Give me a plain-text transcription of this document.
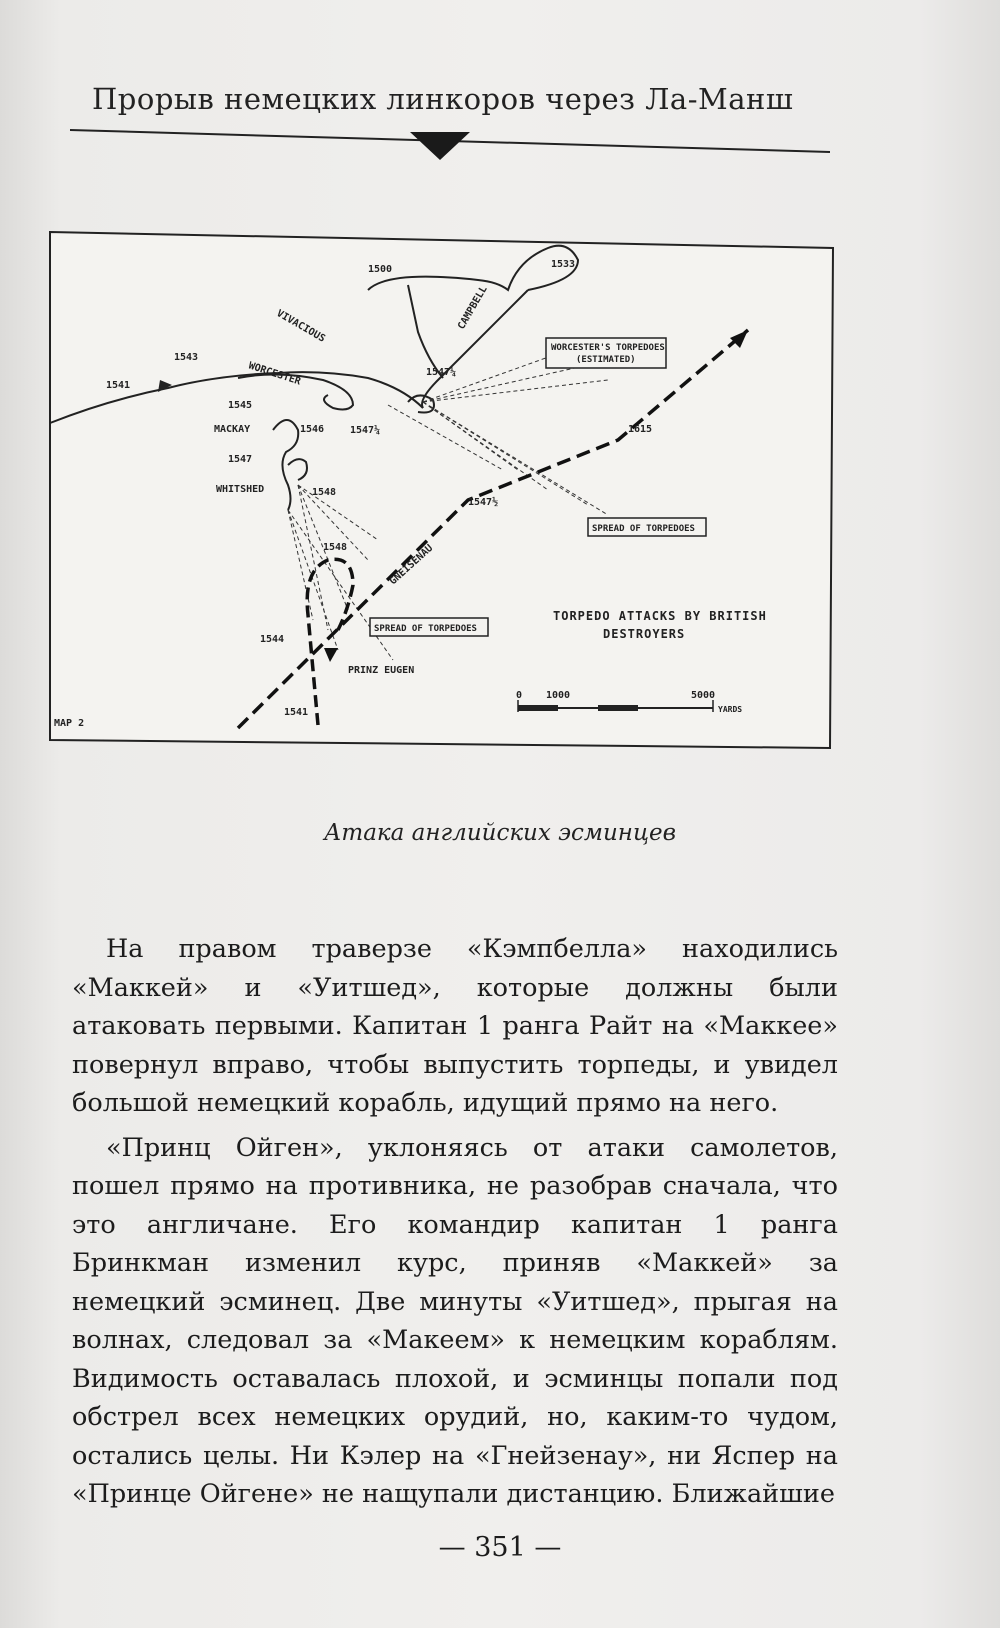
Прорыв немецких линкоров через Ла-Манш
1541
1543
1500	1533
VIVACIOUS	CAMPBELL
WORCESTER	1547¼
1545
MACKAY	1546	1547¼
1547
WHITSHED	1548
1547½
1615
1548	GNEISENAU
1544
1541
PRINZ EUGEN
MAP 2
WORCESTER'S TORPEDOES
(ESTIMATED)
SPREAD OF TORPEDOES
SPREAD OF TORPEDOES
TORPEDO ATTACKS BY BRITISH
DESTROYERS
0 1000	5000
YARDS
Атака английских эсминцев

На правом траверзе «Кэмпбелла» находились «Маккей» и «Уитшед», которые должны были атаковать первыми. Капитан 1 ранга Райт на «Маккее» повернул вправо, чтобы выпустить торпеды, и увидел большой немецкий корабль, идущий прямо на него.

«Принц Ойген», уклоняясь от атаки самолетов, пошел прямо на противника, не разобрав сначала, что это англичане. Его командир капитан 1 ранга Бринкман изменил курс, приняв «Маккей» за немецкий эсминец. Две минуты «Уитшед», прыгая на волнах, следовал за «Макеем» к немецким кораблям. Видимость оставалась плохой, и эсминцы попали под обстрел всех немецких орудий, но, каким-то чудом, остались целы. Ни Кэлер на «Гнейзенау», ни Яспер на «Принце Ойгене» не нащупали дистанцию. Ближайшие

— 351 —
